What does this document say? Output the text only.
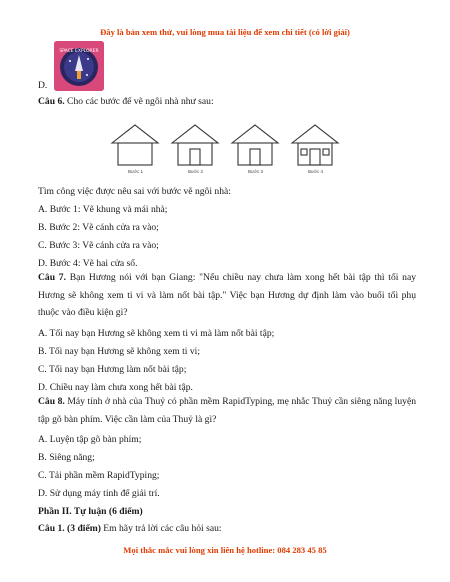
Đây là bản xem thử, vui lòng mua tài liệu để xem chi tiết (có lời giải)
SPACE EXPLORER
D.
Câu 6. Cho các bước để vẽ ngôi nhà như sau:
Bước 1	Bước 2	Bước 3	Bước 4
Tìm công việc được nêu sai với bước vẽ ngôi nhà:
A. Bước 1: Vẽ khung và mái nhà;
B. Bước 2: Vẽ cánh cửa ra vào;
C. Bước 3: Vẽ cánh cửa ra vào;
D. Bước 4: Vẽ hai cửa sổ.
Câu 7. Bạn Hương nói với bạn Giang: "Nếu chiều nay chưa làm xong hết bài tập thì tối nay Hương sẽ không xem ti vi và làm nốt bài tập." Việc bạn Hương dự định làm vào buổi tối phụ thuộc vào điều kiện gì?
A. Tối nay bạn Hương sẽ không xem ti vi mà làm nốt bài tập;
B. Tối nay bạn Hương sẽ không xem ti vi;
C. Tối nay bạn Hương làm nốt bài tập;
D. Chiều nay làm chưa xong hết bài tập.
Câu 8. Máy tính ở nhà của Thuỷ có phần mềm RapidTyping, mẹ nhắc Thuỷ cần siêng năng luyện tập gõ bàn phím. Việc cần làm của Thuỷ là gì?
A. Luyện tập gõ bàn phím;
B. Siêng năng;
C. Tải phần mềm RapidTyping;
D. Sử dụng máy tính để giải trí.
Phần II. Tự luận (6 điểm)
Câu 1. (3 điểm) Em hãy trả lời các câu hỏi sau:
Mọi thắc mắc vui lòng xin liên hệ hotline: 084 283 45 85
